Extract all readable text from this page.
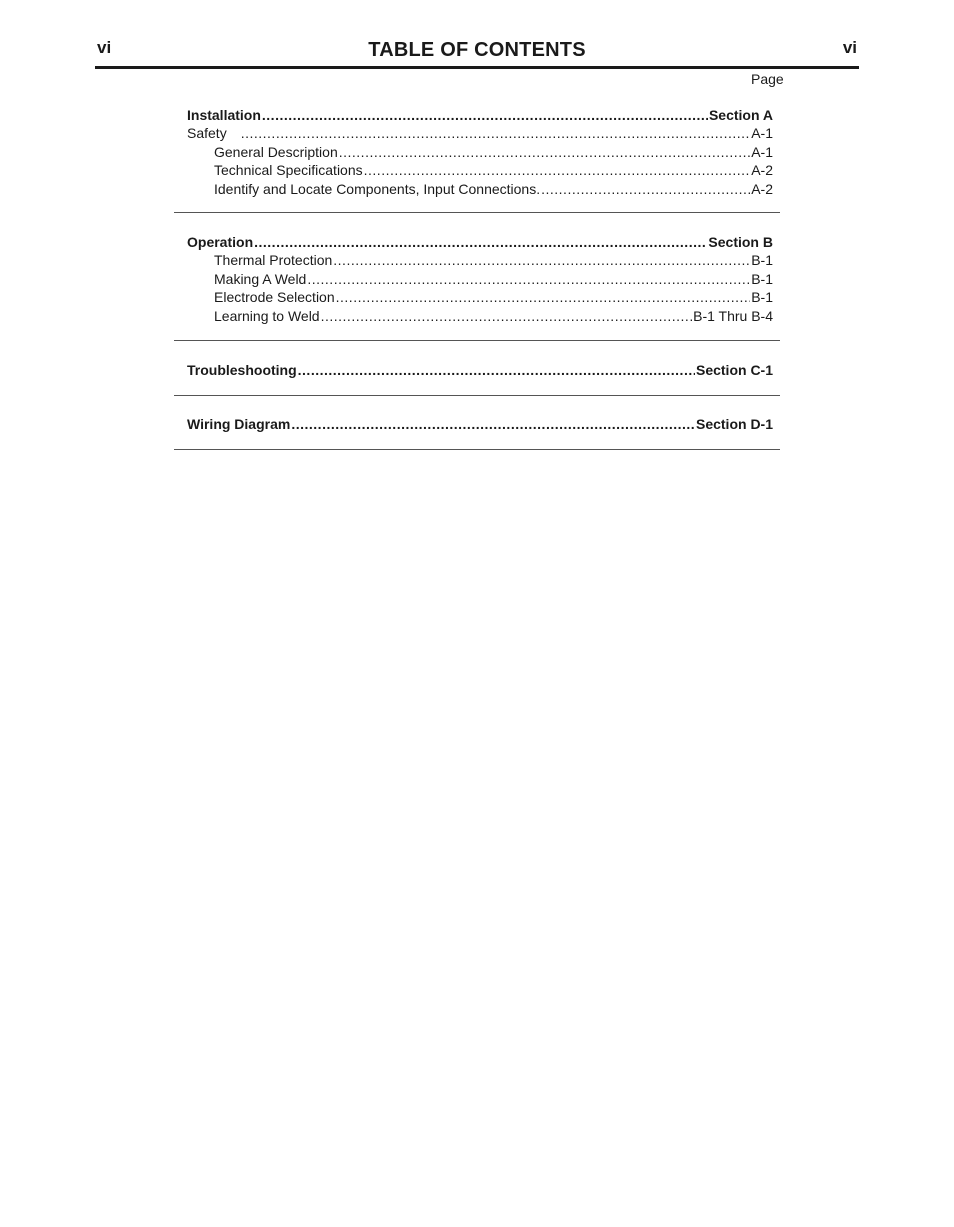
vi	TABLE OF CONTENTS	vi
Page
Installation .....	Section A
Safety .....	A-1
General Description .....	A-1
Technical Specifications .....	A-2
Identify and Locate Components, Input Connections. .....	A-2
Operation .....	Section B
Thermal Protection .....	B-1
Making A Weld .....	B-1
Electrode Selection .....	B-1
Learning to Weld .....	B-1 Thru B-4
Troubleshooting .....	Section C-1
Wiring Diagram .....	Section D-1
